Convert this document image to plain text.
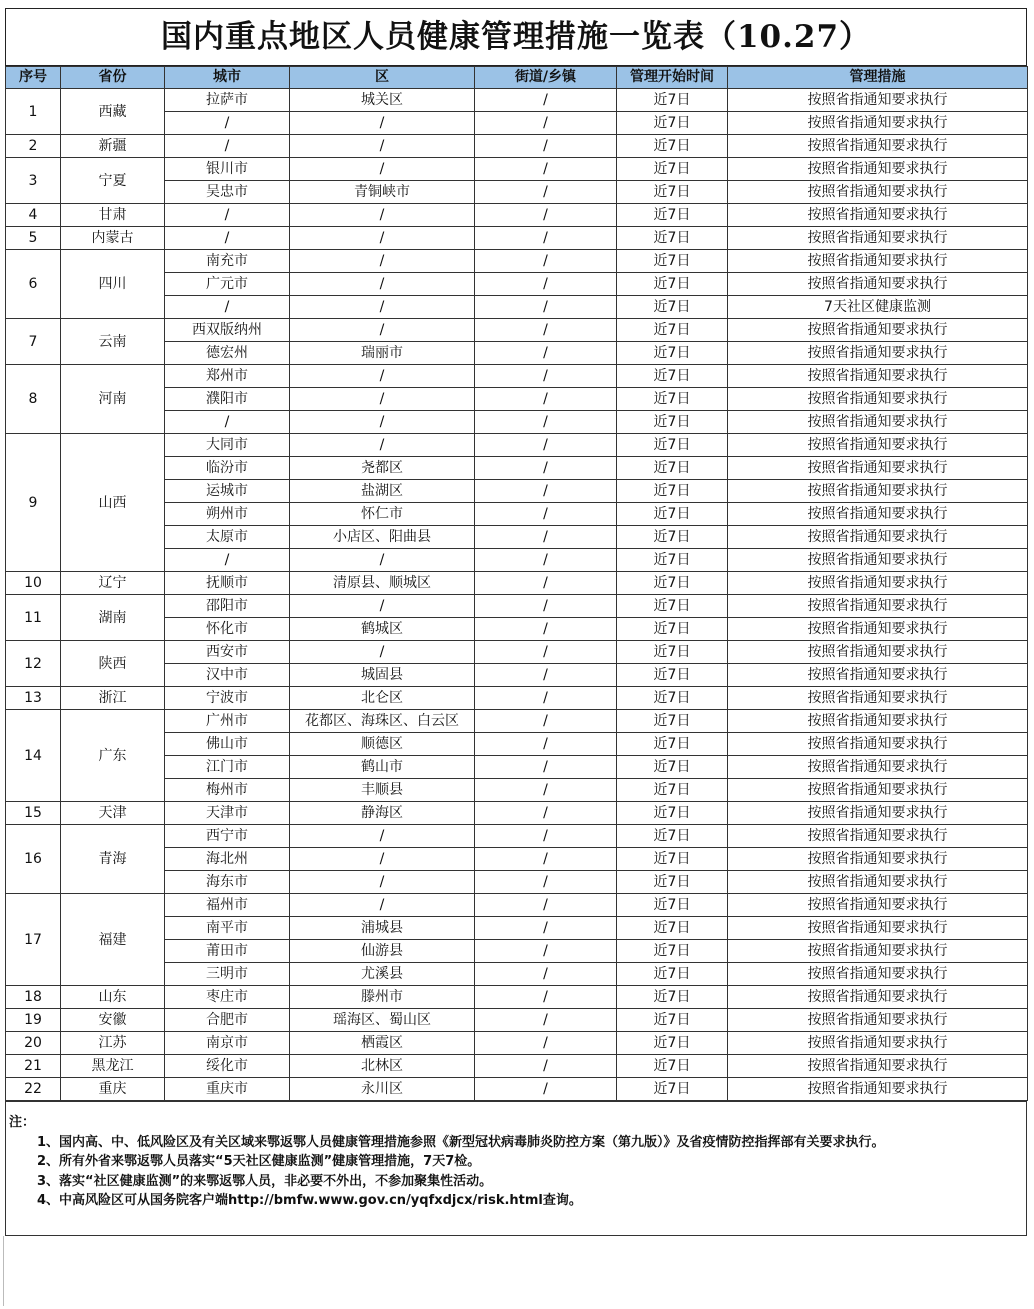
国内重点地区人员健康管理措施一览表（10.27）
序号	省份	城市	区	街道/乡镇	管理开始时间	管理措施
1	西藏	拉萨市	城关区	/	近7日	按照省指通知要求执行
		/	/	/	近7日	按照省指通知要求执行
2	新疆	/	/	/	近7日	按照省指通知要求执行
3	宁夏	银川市	/	/	近7日	按照省指通知要求执行
		吴忠市	青铜峡市	/	近7日	按照省指通知要求执行
4	甘肃	/	/	/	近7日	按照省指通知要求执行
5	内蒙古	/	/	/	近7日	按照省指通知要求执行
6	四川	南充市	/	/	近7日	按照省指通知要求执行
		广元市	/	/	近7日	按照省指通知要求执行
		/	/	/	近7日	7天社区健康监测
7	云南	西双版纳州	/	/	近7日	按照省指通知要求执行
		德宏州	瑞丽市	/	近7日	按照省指通知要求执行
8	河南	郑州市	/	/	近7日	按照省指通知要求执行
		濮阳市	/	/	近7日	按照省指通知要求执行
		/	/	/	近7日	按照省指通知要求执行
9	山西	大同市	/	/	近7日	按照省指通知要求执行
		临汾市	尧都区	/	近7日	按照省指通知要求执行
		运城市	盐湖区	/	近7日	按照省指通知要求执行
		朔州市	怀仁市	/	近7日	按照省指通知要求执行
		太原市	小店区、阳曲县	/	近7日	按照省指通知要求执行
		/	/	/	近7日	按照省指通知要求执行
10	辽宁	抚顺市	清原县、顺城区	/	近7日	按照省指通知要求执行
11	湖南	邵阳市	/	/	近7日	按照省指通知要求执行
		怀化市	鹤城区	/	近7日	按照省指通知要求执行
12	陕西	西安市	/	/	近7日	按照省指通知要求执行
		汉中市	城固县	/	近7日	按照省指通知要求执行
13	浙江	宁波市	北仑区	/	近7日	按照省指通知要求执行
14	广东	广州市	花都区、海珠区、白云区	/	近7日	按照省指通知要求执行
		佛山市	顺德区	/	近7日	按照省指通知要求执行
		江门市	鹤山市	/	近7日	按照省指通知要求执行
		梅州市	丰顺县	/	近7日	按照省指通知要求执行
15	天津	天津市	静海区	/	近7日	按照省指通知要求执行
16	青海	西宁市	/	/	近7日	按照省指通知要求执行
		海北州	/	/	近7日	按照省指通知要求执行
		海东市	/	/	近7日	按照省指通知要求执行
17	福建	福州市	/	/	近7日	按照省指通知要求执行
		南平市	浦城县	/	近7日	按照省指通知要求执行
		莆田市	仙游县	/	近7日	按照省指通知要求执行
		三明市	尤溪县	/	近7日	按照省指通知要求执行
18	山东	枣庄市	滕州市	/	近7日	按照省指通知要求执行
19	安徽	合肥市	瑶海区、蜀山区	/	近7日	按照省指通知要求执行
20	江苏	南京市	栖霞区	/	近7日	按照省指通知要求执行
21	黑龙江	绥化市	北林区	/	近7日	按照省指通知要求执行
22	重庆	重庆市	永川区	/	近7日	按照省指通知要求执行
注：
1、国内高、中、低风险区及有关区域来鄂返鄂人员健康管理措施参照《新型冠状病毒肺炎防控方案（第九版）》及省疫情防控指挥部有关要求执行。
2、所有外省来鄂返鄂人员落实“5天社区健康监测”健康管理措施，7天7检。
3、落实“社区健康监测”的来鄂返鄂人员，非必要不外出，不参加聚集性活动。
4、中高风险区可从国务院客户端http://bmfw.www.gov.cn/yqfxdjcx/risk.html查询。
